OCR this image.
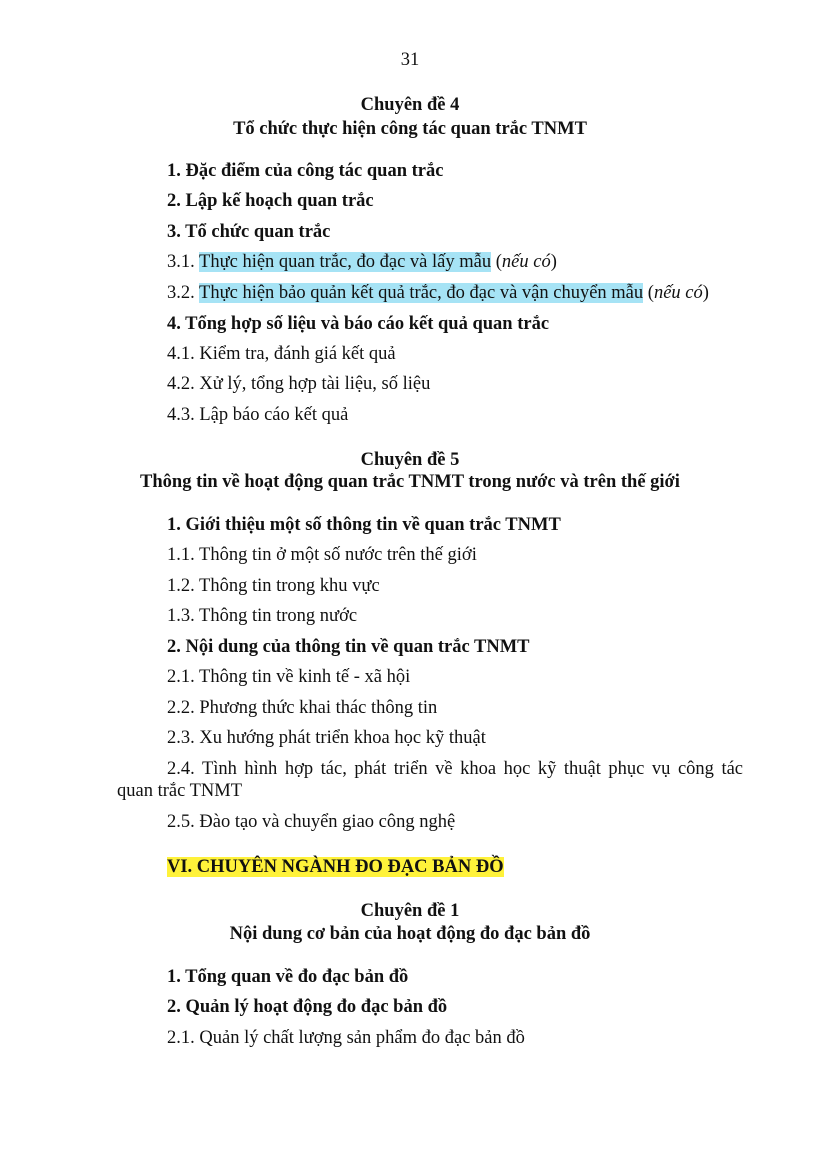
31
Chuyên đề 4
Tổ chức thực hiện công tác quan trắc TNMT
1. Đặc điểm của công tác quan trắc
2. Lập kế hoạch quan trắc
3. Tổ chức quan trắc
3.1. Thực hiện quan trắc, đo đạc và lấy mẫu (nếu có)
3.2. Thực hiện bảo quản kết quả trắc, đo đạc và vận chuyển mẫu (nếu có)
4. Tổng hợp số liệu và báo cáo kết quả quan trắc
4.1. Kiểm tra, đánh giá kết quả
4.2. Xử lý, tổng hợp tài liệu, số liệu
4.3. Lập báo cáo kết quả
Chuyên đề 5
Thông tin về hoạt động quan trắc TNMT trong nước và trên thế giới
1. Giới thiệu một số thông tin về quan trắc TNMT
1.1. Thông tin ở một số nước trên thế giới
1.2. Thông tin trong khu vực
1.3. Thông tin trong nước
2. Nội dung của thông tin về quan trắc TNMT
2.1. Thông tin về kinh tế - xã hội
2.2. Phương thức khai thác thông tin
2.3. Xu hướng phát triển khoa học kỹ thuật
2.4. Tình hình hợp tác, phát triển về khoa học kỹ thuật phục vụ công tác
quan trắc TNMT
2.5. Đào tạo và chuyển giao công nghệ
VI. CHUYÊN NGÀNH ĐO ĐẠC BẢN ĐỒ
Chuyên đề 1
Nội dung cơ bản của hoạt động đo đạc bản đồ
1. Tổng quan về đo đạc bản đồ
2. Quản lý hoạt động đo đạc bản đồ
2.1. Quản lý chất lượng sản phẩm đo đạc bản đồ
